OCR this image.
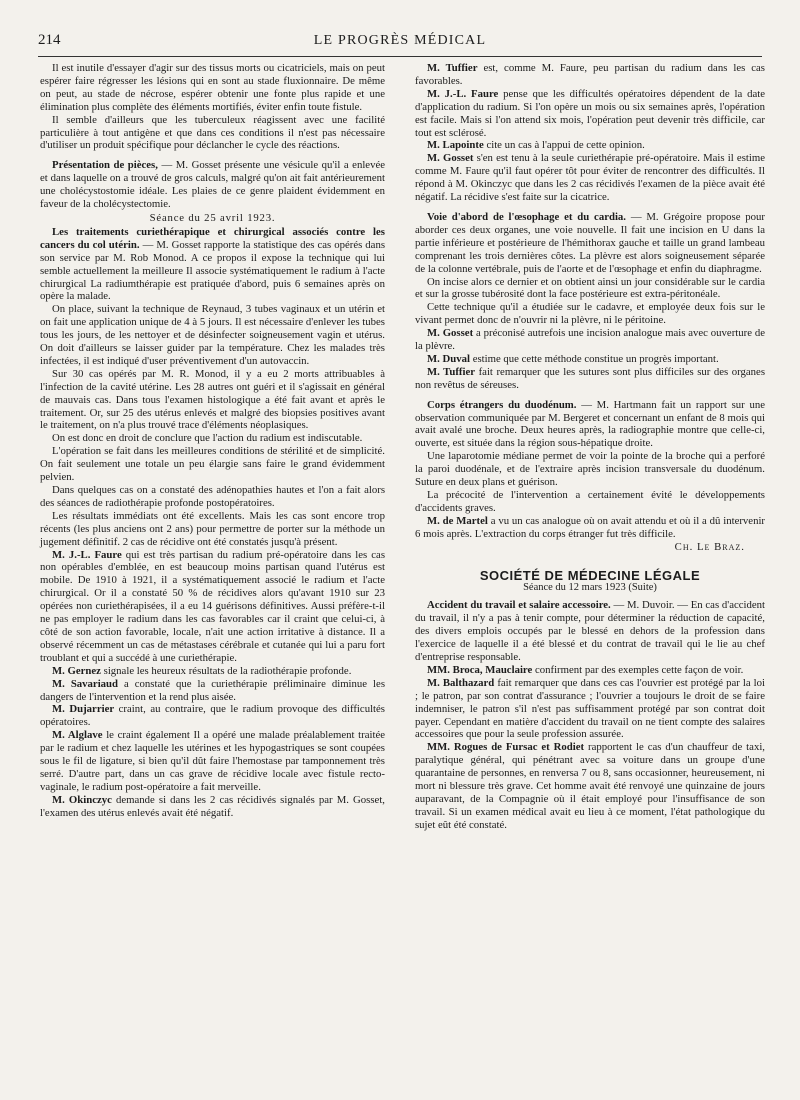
214	LE PROGRÈS MÉDICAL

Il est inutile d'essayer d'agir sur des tissus morts ou cicatriciels, mais on peut espérer faire régresser les lésions qui en sont au stade fluxionnaire. De même on peut, au stade de nécrose, espérer obtenir une fonte plus rapide et une élimination plus complète des éléments mortifiés, éviter enfin toute fistule.

Il semble d'ailleurs que les tuberculeux réagissent avec une facilité particulière à tout antigène et que dans ces conditions il n'est pas nécessaire d'utiliser un produit spécifique pour déclancher le cycle des réactions.

Présentation de pièces, — M. Gosset présente une vésicule qu'il a enlevée et dans laquelle on a trouvé de gros calculs, malgré qu'on ait fait antérieurement une cholécystostomie idéale. Les plaies de ce genre plaident évidemment en faveur de la cholécystectomie.

Séance du 25 avril 1923.

Les traitements curiethérapique et chirurgical associés contre les cancers du col utérin. — M. Gosset rapporte la statistique des cas opérés dans son service par M. Rob Monod. A ce propos il expose la technique qui lui semble actuellement la meilleure Il associe systématiquement le radium à l'acte chirurgical La radiumthérapie est pratiquée d'abord, puis 6 semaines après on opère la malade.

On place, suivant la technique de Reynaud, 3 tubes vaginaux et un utérin et on fait une application unique de 4 à 5 jours. Il est nécessaire d'enlever les tubes tous les jours, de les nettoyer et de désinfecter soigneusement vagin et utérus. On doit d'ailleurs se laisser guider par la température. Chez les malades très infectées, il est indiqué d'user préventivement d'un autovaccin.

Sur 30 cas opérés par M. R. Monod, il y a eu 2 morts attribuables à l'infection de la cavité utérine. Les 28 autres ont guéri et il s'agissait en général de mauvais cas. Dans tous l'examen histologique a été fait avant et après le traitement. Or, sur 25 des utérus enlevés et malgré des biopsies positives avant le traitement, on n'a plus trouvé trace d'éléments néoplasiques.

On est donc en droit de conclure que l'action du radium est indiscutable.

L'opération se fait dans les meilleures conditions de stérilité et de simplicité. On fait seulement une totale un peu élargie sans faire le grand évidemment pelvien.

Dans quelques cas on a constaté des adénopathies hautes et l'on a fait alors des séances de radiothérapie profonde postopératoires.

Les résultats immédiats ont été excellents. Mais les cas sont encore trop récents (les plus anciens ont 2 ans) pour permettre de porter sur la méthode un jugement définitif. 2 cas de récidive ont été constatés jusqu'à présent.

M. J.-L. Faure qui est très partisan du radium pré-opératoire dans les cas non opérables d'emblée, en est beaucoup moins partisan quand l'utérus est mobile. De 1910 à 1921, il a systématiquement associé le radium et l'acte chirurgical. Or il a constaté 50 % de récidives alors qu'avant 1910 sur 23 opérées non curiethérapisées, il a eu 14 guérisons définitives. Aussi préfère-t-il ne pas employer le radium dans les cas favorables car il craint que celui-ci, à côté de son action favorable, locale, n'ait une action irritative à distance. Il a observé récemment un cas de métastases cérébrale et cutanée qui lui a paru fort troublant et qui a succédé à une curiethérapie.

M. Gernez signale les heureux résultats de la radiothérapie profonde.

M. Savariaud a constaté que la curiethérapie préliminaire diminue les dangers de l'intervention et la rend plus aisée.

M. Dujarrier craint, au contraire, que le radium provoque des difficultés opératoires.

M. Alglave le craint également Il a opéré une malade préalablement traitée par le radium et chez laquelle les utérines et les hypogastriques se sont coupées sous le fil de ligature, si bien qu'il dût faire l'hemostase par tamponnement très serré. D'autre part, dans un cas grave de récidive locale avec fistule recto-vaginale, le radium post-opératoire a fait merveille.

M. Okinczyc demande si dans les 2 cas récidivés signalés par M. Gosset, l'examen des utérus enlevés avait été négatif.

M. Tuffier est, comme M. Faure, peu partisan du radium dans les cas favorables.

M. J.-L. Faure pense que les difficultés opératoires dépendent de la date d'application du radium. Si l'on opère un mois ou six semaines après, l'opération est facile. Mais si l'on attend six mois, l'opération peut devenir très difficile, car tout est sclérosé.

M. Lapointe cite un cas à l'appui de cette opinion.

M. Gosset s'en est tenu à la seule curiethérapie pré-opératoire. Mais il estime comme M. Faure qu'il faut opérer tôt pour éviter de rencontrer des difficultés. Il répond à M. Okinczyc que dans les 2 cas récidivés l'examen de la pièce avait été négatif. La récidive s'est faite sur la cicatrice.

Voie d'abord de l'œsophage et du cardia. — M. Grégoire propose pour aborder ces deux organes, une voie nouvelle. Il fait une incision en U dans la partie inférieure et postérieure de l'hémithorax gauche et taille un grand lambeau comprenant les trois dernières côtes. La plèvre est alors soigneusement séparée de la colonne vertébrale, puis de l'aorte et de l'œsophage et enfin du diaphragme.

On incise alors ce dernier et on obtient ainsi un jour considérable sur le cardia et sur la grosse tubérosité dont la face postérieure est extra-péritonéale.

Cette technique qu'il a étudiée sur le cadavre, et employée deux fois sur le vivant permet donc de n'ouvrir ni la plèvre, ni le péritoine.

M. Gosset a préconisé autrefois une incision analogue mais avec ouverture de la plèvre.

M. Duval estime que cette méthode constitue un progrès important.

M. Tuffier fait remarquer que les sutures sont plus difficiles sur des organes non revêtus de séreuses.

Corps étrangers du duodénum. — M. Hartmann fait un rapport sur une observation communiquée par M. Bergeret et concernant un enfant de 8 mois qui avait avalé une broche. Deux heures après, la radiographie montre que celle-ci, ouverte, est située dans la région sous-hépatique droite.

Une laparotomie médiane permet de voir la pointe de la broche qui a perforé la paroi duodénale, et de l'extraire après incision transversale du duodénum. Suture en deux plans et guérison.

La précocité de l'intervention a certainement évité le développements d'accidents graves.

M. de Martel a vu un cas analogue où on avait attendu et où il a dû intervenir 6 mois après. L'extraction du corps étranger fut très difficile.

Ch. Le Braz.

SOCIÉTÉ DE MÉDECINE LÉGALE

Séance du 12 mars 1923 (Suite)

Accident du travail et salaire accessoire. — M. Duvoir. — En cas d'accident du travail, il n'y a pas à tenir compte, pour déterminer la réduction de capacité, des divers emplois occupés par le blessé en dehors de la profession dans l'exercice de laquelle il a été blessé et du contrat de travail qui le lie au chef d'entreprise responsable.

MM. Broca, Mauclaire confirment par des exemples cette façon de voir.

M. Balthazard fait remarquer que dans ces cas l'ouvrier est protégé par la loi ; le patron, par son contrat d'assurance ; l'ouvrier a toujours le droit de se faire indemniser, le patron s'il n'est pas suffisamment protégé par son contrat doit payer. Cependant en matière d'accident du travail on ne tient compte des salaires accessoires que pour la seule profession assurée.

MM. Rogues de Fursac et Rodiet rapportent le cas d'un chauffeur de taxi, paralytique général, qui pénétrant avec sa voiture dans un groupe d'une quarantaine de personnes, en renversa 7 ou 8, sans occasionner, heureusement, ni mort ni blessure très grave. Cet homme avait été renvoyé une quinzaine de jours auparavant, de la Compagnie où il était employé pour l'insuffisance de son travail. Si un examen médical avait eu lieu à ce moment, l'état pathologique du sujet eût été constaté.
